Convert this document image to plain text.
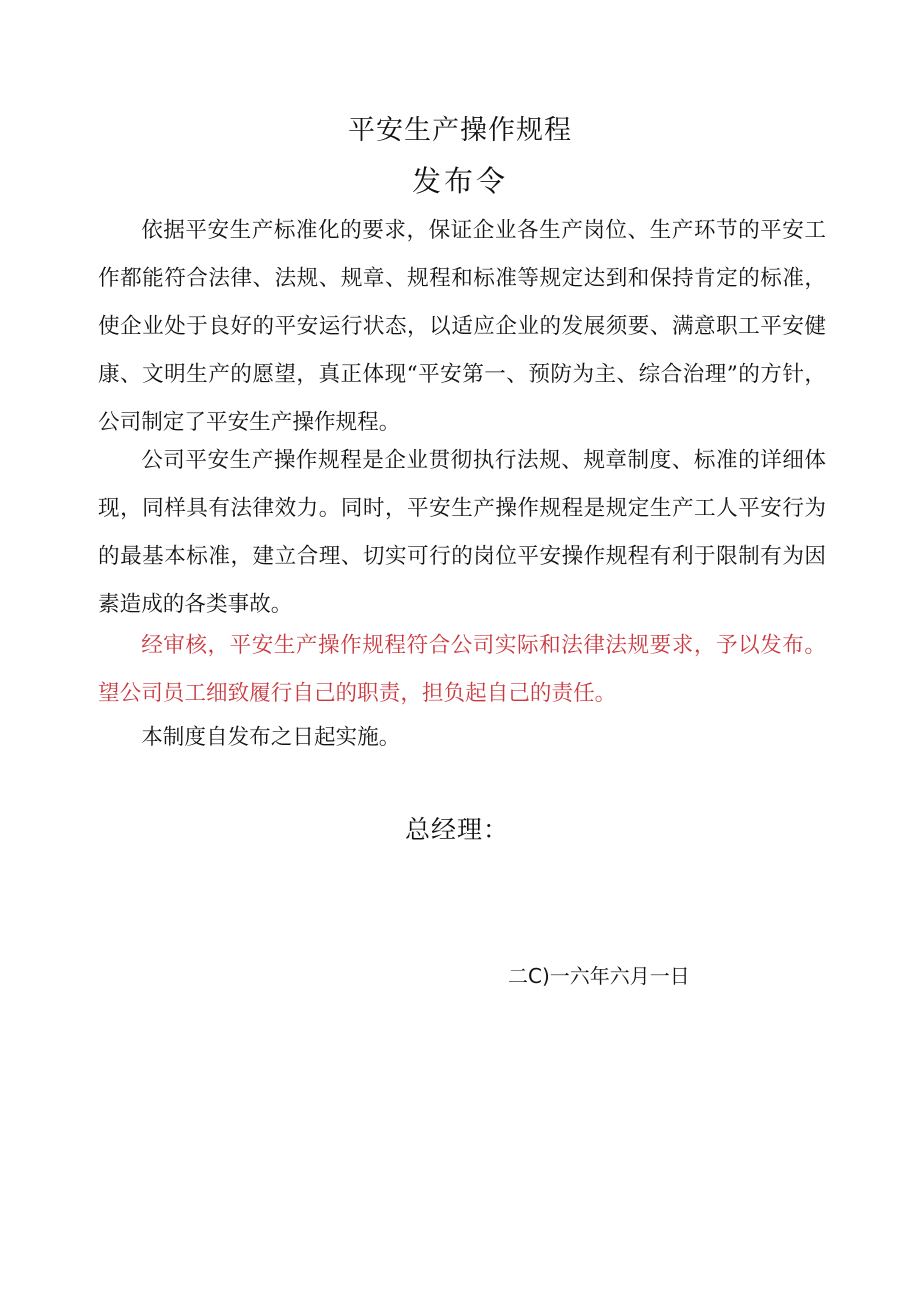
平安生产操作规程
发布令

依据平安生产标准化的要求，保证企业各生产岗位、生产环节的平安工作都能符合法律、法规、规章、规程和标准等规定达到和保持肯定的标准，使企业处于良好的平安运行状态，以适应企业的发展须要、满意职工平安健康、文明生产的愿望，真正体现“平安第一、预防为主、综合治理”的方针，公司制定了平安生产操作规程。

公司平安生产操作规程是企业贯彻执行法规、规章制度、标准的详细体现，同样具有法律效力。同时，平安生产操作规程是规定生产工人平安行为的最基本标准，建立合理、切实可行的岗位平安操作规程有利于限制有为因素造成的各类事故。

经审核，平安生产操作规程符合公司实际和法律法规要求，予以发布。望公司员工细致履行自己的职责，担负起自己的责任。

本制度自发布之日起实施。

总经理：
二C)一六年六月一日
